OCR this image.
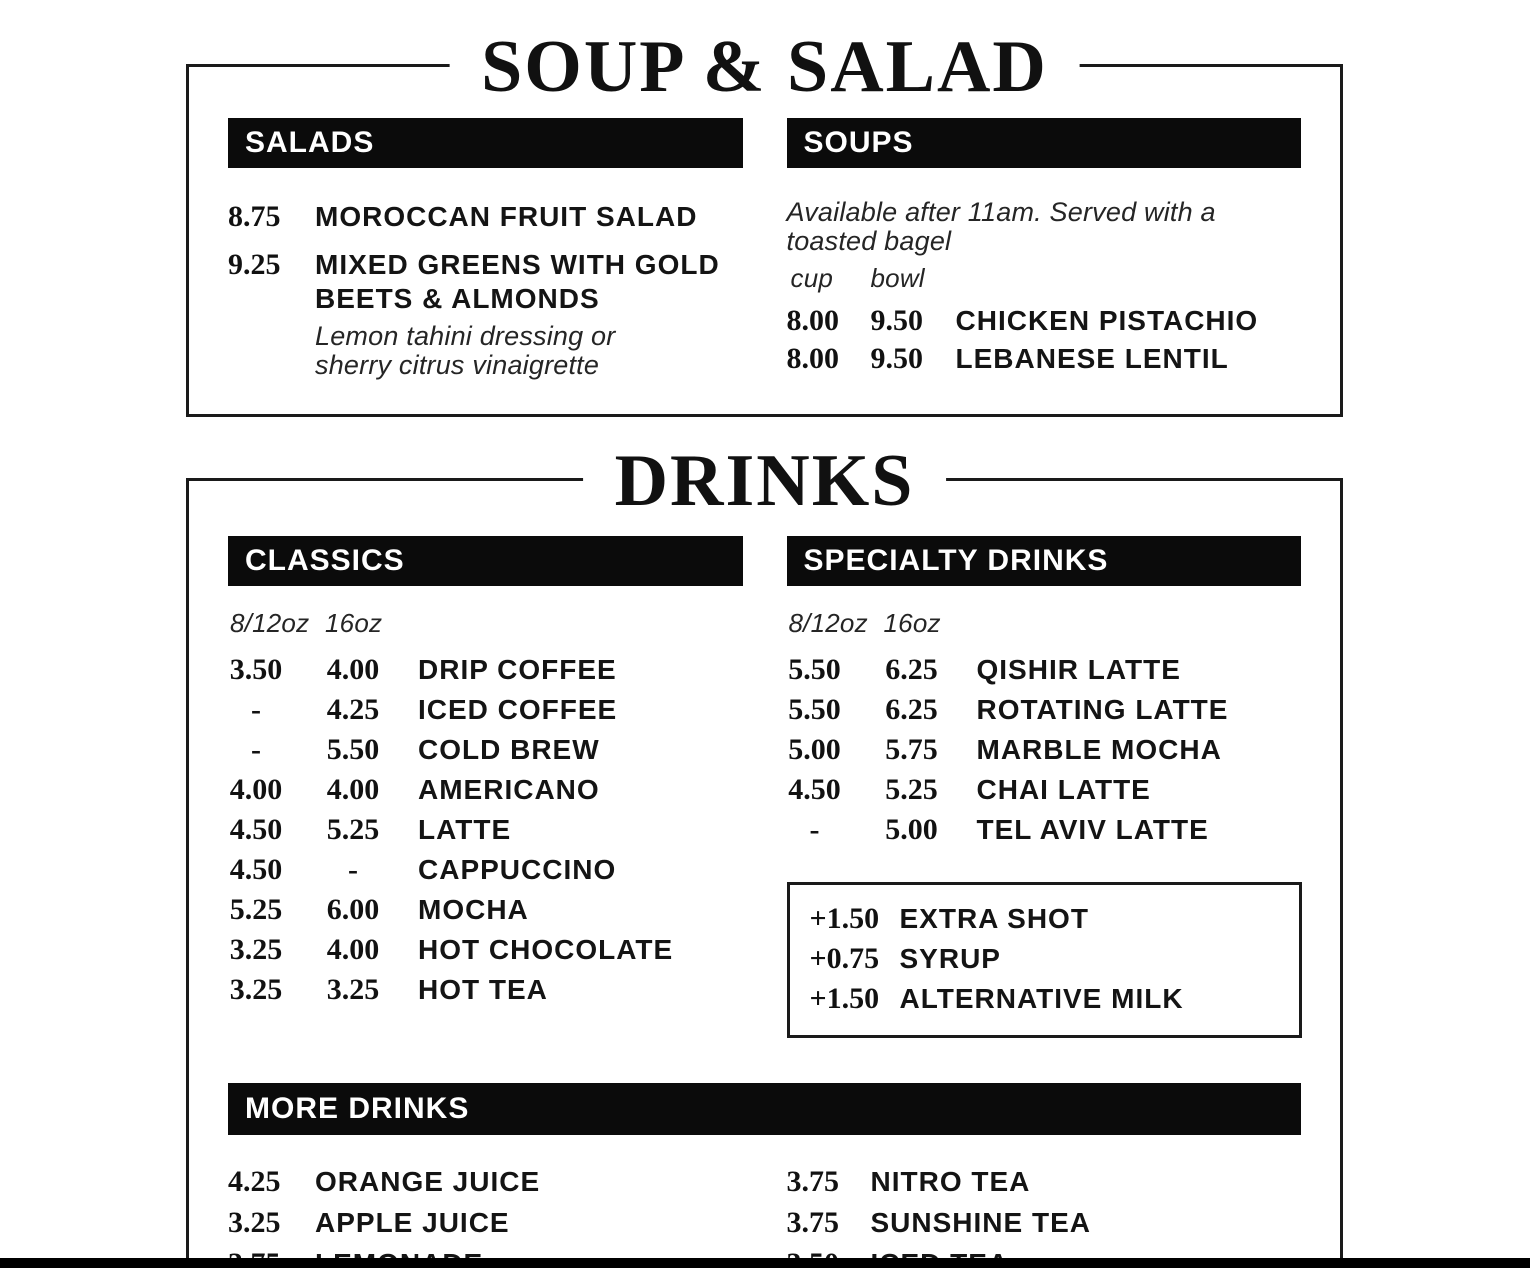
SOUP & SALAD
SALADS
8.75	MOROCCAN FRUIT SALAD
9.25	MIXED GREENS WITH GOLD BEETS & ALMONDS
Lemon tahini dressing or sherry citrus vinaigrette
SOUPS
Available after 11am. Served with a toasted bagel
cup	bowl
8.00	9.50	CHICKEN PISTACHIO
8.00	9.50	LEBANESE LENTIL
DRINKS
CLASSICS
8/12oz 16oz
3.50	4.00	DRIP COFFEE
-	4.25	ICED COFFEE
-	5.50	COLD BREW
4.00	4.00	AMERICANO
4.50	5.25	LATTE
4.50	-	CAPPUCCINO
5.25	6.00	MOCHA
3.25	4.00	HOT CHOCOLATE
3.25	3.25	HOT TEA
SPECIALTY DRINKS
8/12oz 16oz
5.50	6.25	QISHIR LATTE
5.50	6.25	ROTATING LATTE
5.00	5.75	MARBLE MOCHA
4.50	5.25	CHAI LATTE
-	5.00	TEL AVIV LATTE
+1.50 EXTRA SHOT
+0.75 SYRUP
+1.50 ALTERNATIVE MILK
MORE DRINKS
4.25	ORANGE JUICE
3.25	APPLE JUICE
3.75	NITRO TEA
3.75	SUNSHINE TEA
